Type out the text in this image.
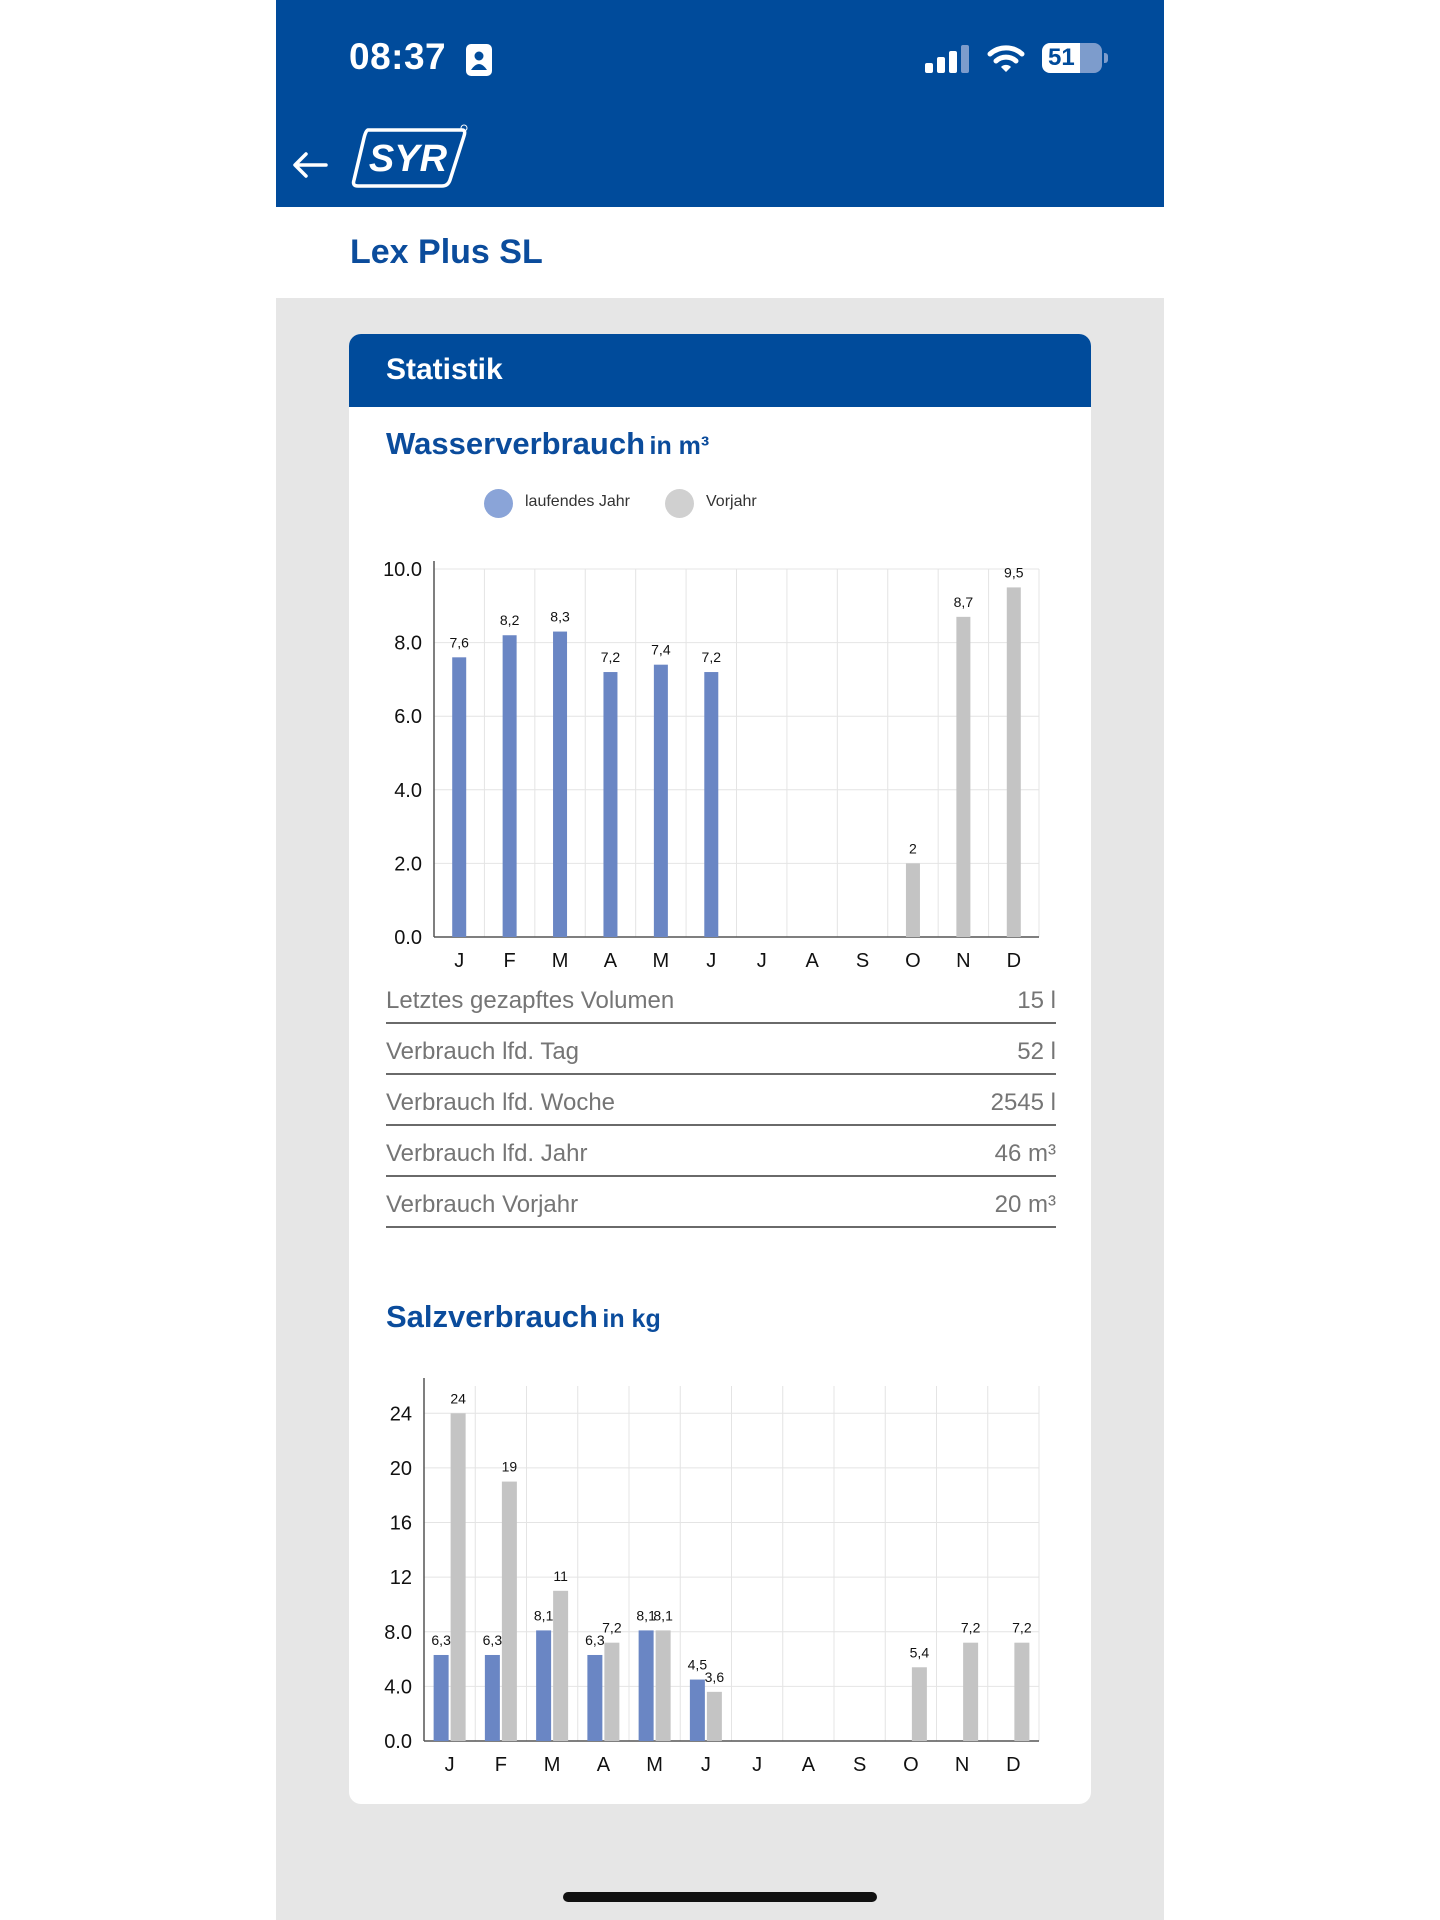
08:37	51
SYR
Lex Plus SL
Statistik
Wasserverbrauch in m³
laufendes Jahr	Vorjahr
0.0
2.0
4.0
6.0
8.0
10.0
J F M A M J J A S O N D
7,6
8,2 8,3
7,2 7,4 7,2
2
8,7
9,5
Letztes gezapftes Volumen	15 l
Verbrauch lfd. Tag	52 l
Verbrauch lfd. Woche	2545 l
Verbrauch lfd. Jahr	46 m³
Verbrauch Vorjahr	20 m³
Salzverbrauch in kg
0.0
4.0
8.0
12
16
20
24
J F M A M J J A S O N D
6,3 6,3
8,1
6,3
8,1
4,5
24
19
11
7,2
8,1
3,6
5,4
7,2 7,2
